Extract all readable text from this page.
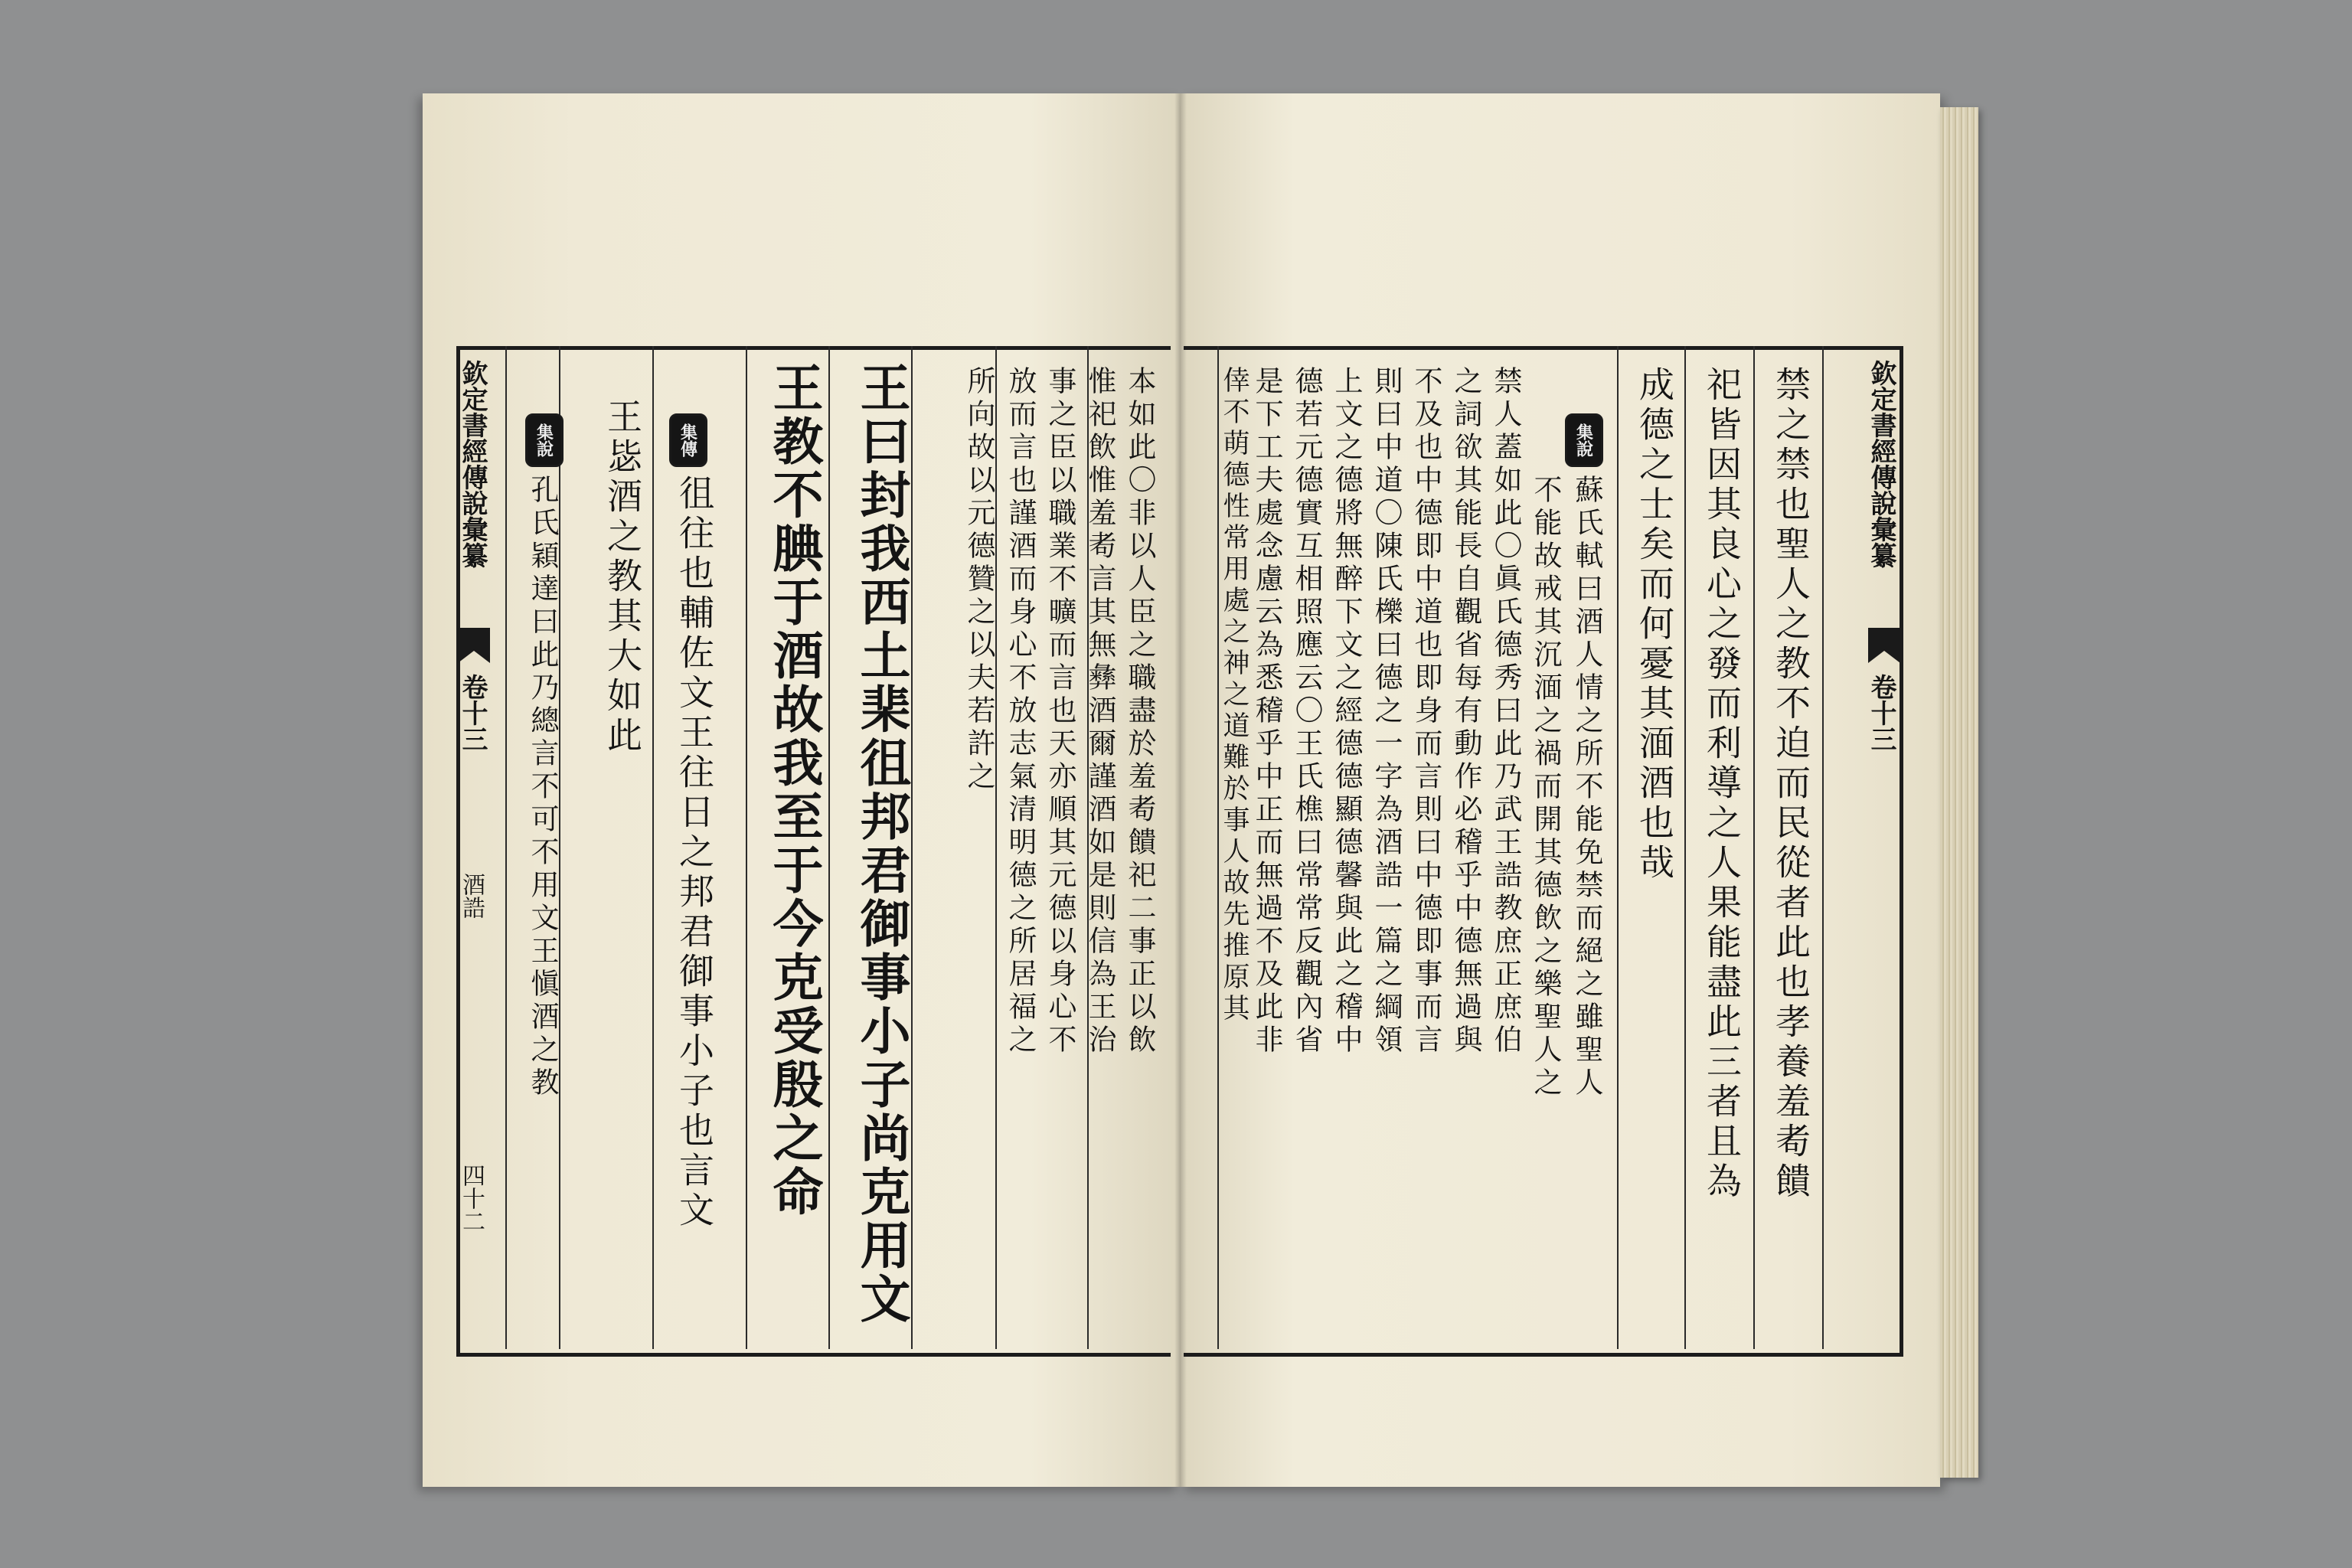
欽定書經傳說彙纂
卷十三
酒誥
四十二
欽定書經傳說彙纂
卷十三
本如此〇非以人臣之職盡於羞耇饋祀二事正以飲
惟祀飲惟羞耇言其無彝酒爾謹酒如是則信為王治
事之臣以職業不曠而言也天亦順其元德以身心不
放而言也謹酒而身心不放志氣清明德之所居福之
所向故以元德贊之以夫若許之
王曰封我西土棐徂邦君御事小子尚克用文
王教不腆于酒故我至于今克受殷之命
集傳
徂往也輔佐文王往日之邦君御事小子也言文
王毖酒之教其大如此
集說
孔氏穎達曰此乃總言不可不用文王愼酒之教	禁之禁也聖人之教不迫而民從者此也孝養羞耇饋
祀皆因其良心之發而利導之人果能盡此三者且為
成德之士矣而何憂其湎酒也哉
集說
蘇氏軾曰酒人情之所不能免禁而絕之雖聖人
不能故戒其沉湎之禍而開其德飲之樂聖人之
禁人蓋如此〇眞氏德秀曰此乃武王誥教庶正庶伯
之詞欲其能長自觀省每有動作必稽乎中德無過與
不及也中德即中道也即身而言則曰中德即事而言
則曰中道〇陳氏櫟曰德之一字為酒誥一篇之綱領
上文之德將無醉下文之經德德顯德馨與此之稽中
德若元德實互相照應云〇王氏樵曰常常反觀內省
是下工夫處念慮云為悉稽乎中正而無過不及此非
倖不萌德性常用處之神之道難於事人故先推原其
